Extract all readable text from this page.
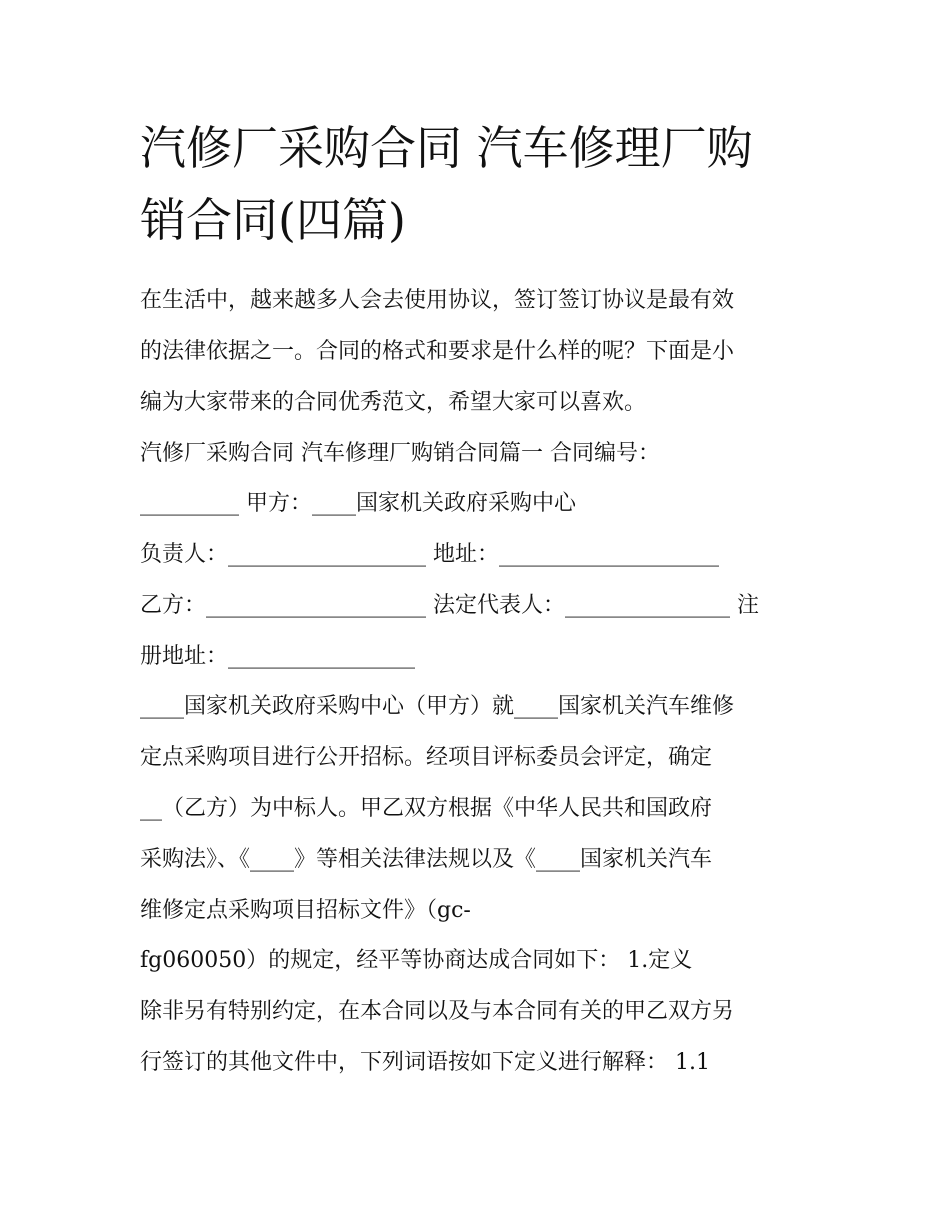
汽修厂采购合同 汽车修理厂购
销合同(四篇)
在生活中，越来越多人会去使用协议，签订签订协议是最有效
的法律依据之一。合同的格式和要求是什么样的呢？下面是小
编为大家带来的合同优秀范文，希望大家可以喜欢。
汽修厂采购合同 汽车修理厂购销合同篇一 合同编号：
_________ 甲方：____国家机关政府采购中心
负责人：__________________ 地址：____________________
乙方：____________________ 法定代表人：_______________ 注
册地址：_________________
____国家机关政府采购中心（甲方）就____国家机关汽车维修
定点采购项目进行公开招标。经项目评标委员会评定，确定
__（乙方）为中标人。甲乙双方根据《中华人民共和国政府
采购法》、《____》等相关法律法规以及《____国家机关汽车
维修定点采购项目招标文件》（gc-
fg060050）的规定，经平等协商达成合同如下： 1.定义
除非另有特别约定，在本合同以及与本合同有关的甲乙双方另
行签订的其他文件中，下列词语按如下定义进行解释： 1.1
